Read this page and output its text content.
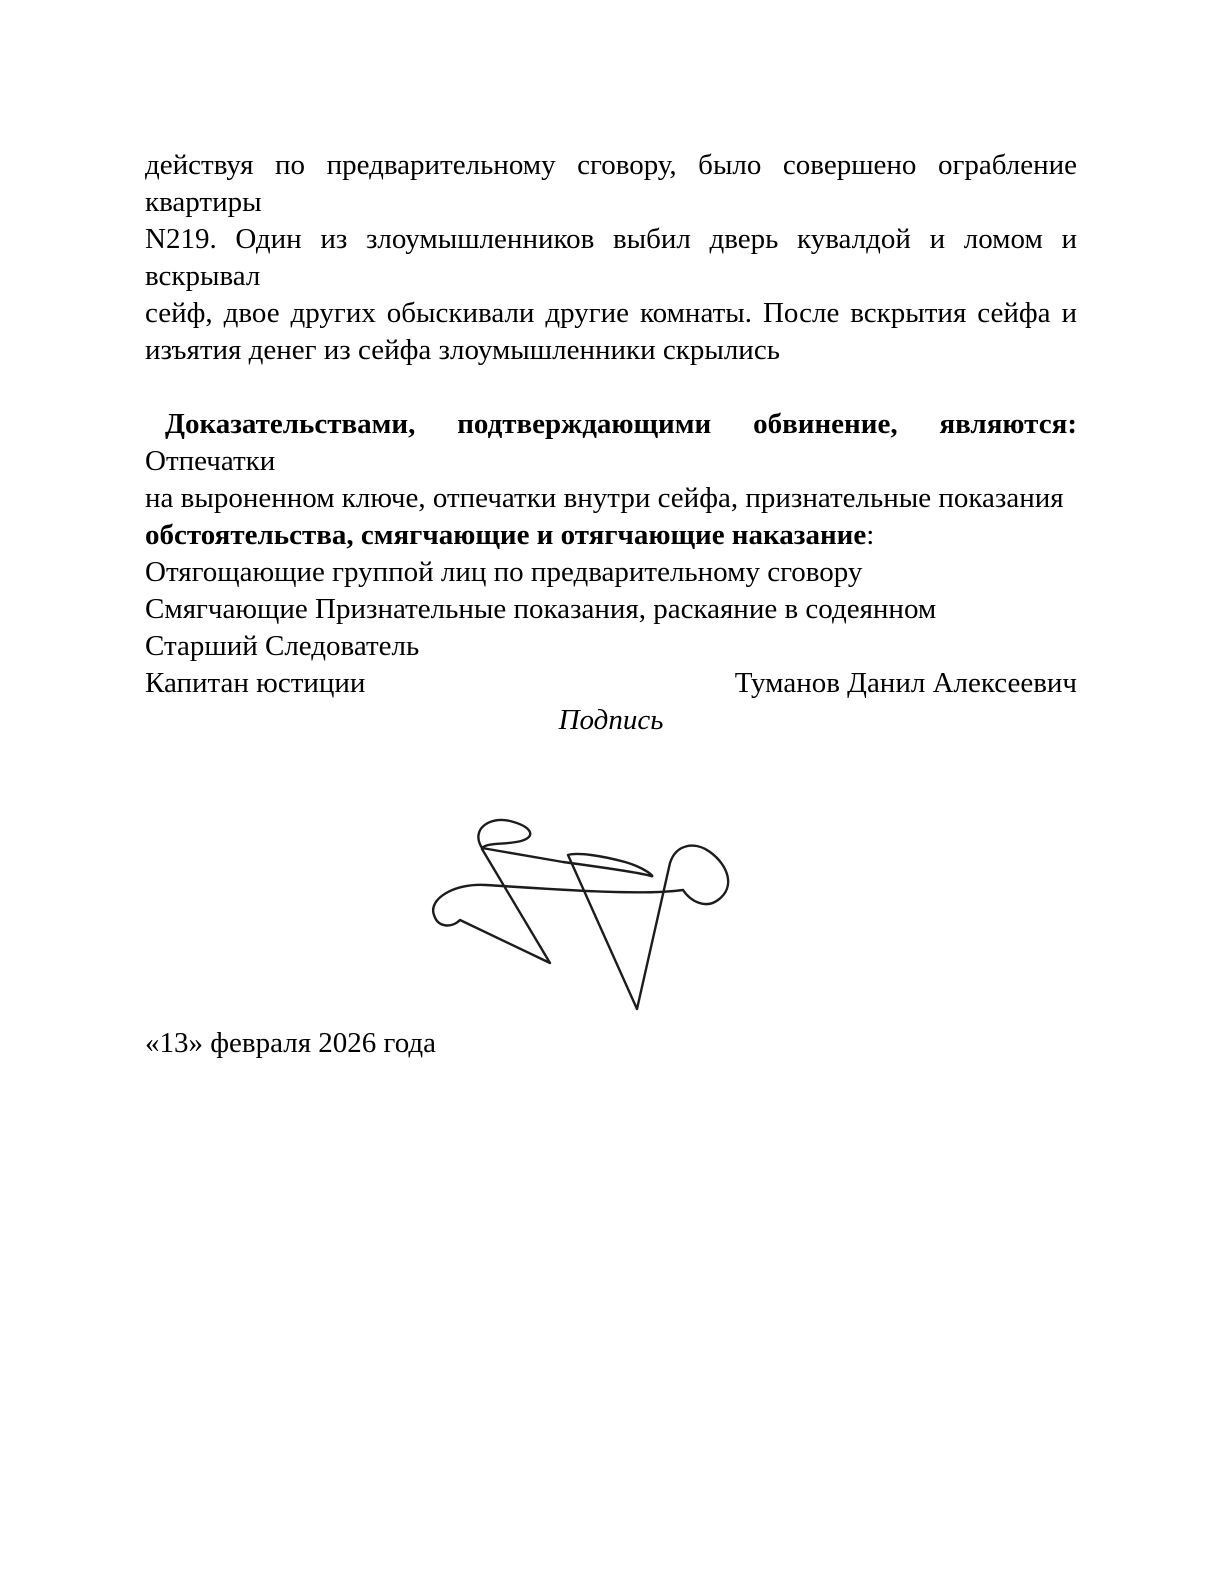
действуя по предварительному сговору, было совершено ограбление квартиры
N219. Один из злоумышленников выбил дверь кувалдой и ломом и вскрывал
сейф, двое других обыскивали другие комнаты. После вскрытия сейфа и
изъятия денег из сейфа злоумышленники скрылись
Доказательствами, подтверждающими обвинение, являются: Отпечатки
на выроненном ключе, отпечатки внутри сейфа, признательные показания
обстоятельства, смягчающие и отягчающие наказание:
Отягощающие группой лиц по предварительному сговору
Смягчающие Признательные показания, раскаяние в содеянном
Старший Следователь
Капитан юстиции	Туманов Данил Алексеевич
Подпись
«13» февраля 2026 года
